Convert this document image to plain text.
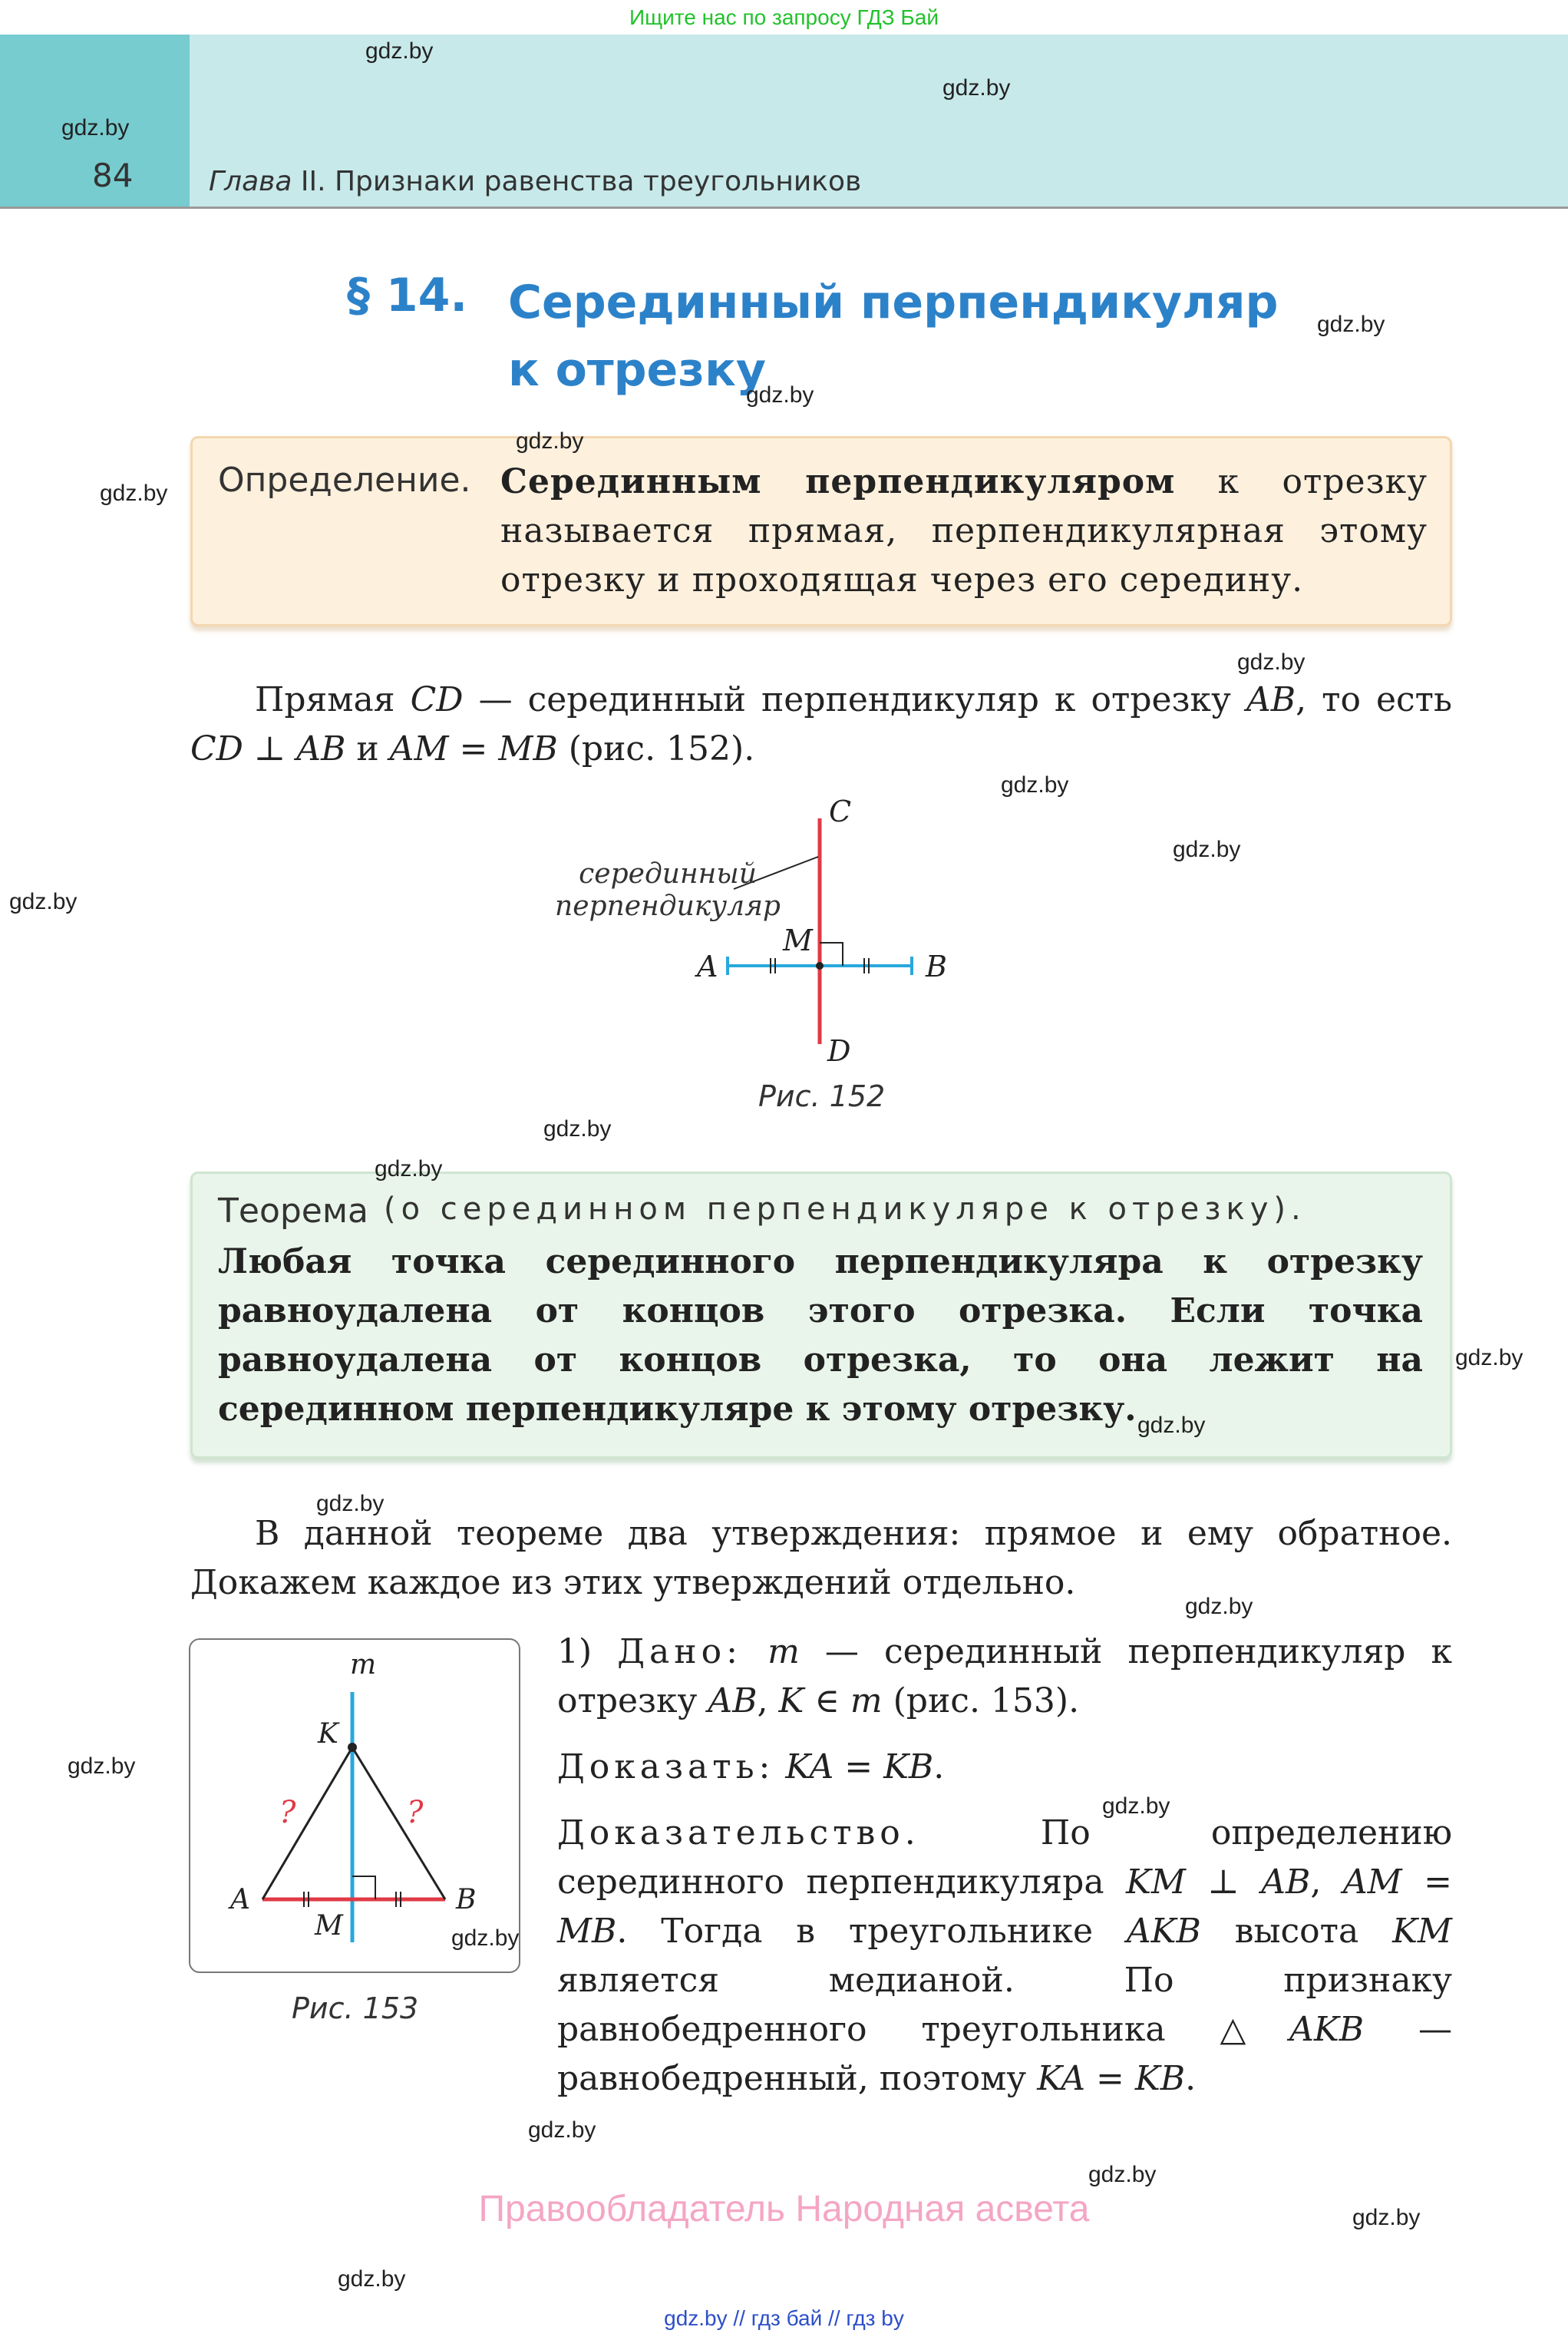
Ищите нас по запросу ГДЗ Бай
84	Глава II. Признаки равенства треугольников
§ 14. Серединный перпендикуляр
к отрезку
Определение. Серединным перпендикуляром к отрезку называется прямая, перпендикулярная этому отрезку и проходящая через его середину.
Прямая CD — серединный перпендикуляр к отрезку AB, то есть CD ⊥ AB и AM = MB (рис. 152).
серединный
перпендикуляр
A	B
C
D
M
Рис. 152
Теорема (о серединном перпендикуляре к отрезку).
Любая точка серединного перпендикуляра к отрезку равноудалена от концов этого отрезка. Если точка равноудалена от концов отрезка, то она лежит на серединном перпендикуляре к этому отрезку.
В данной теореме два утверждения: прямое и ему обратное. Докажем каждое из этих утверждений отдельно.
m
K
A	B
M
?	?
Рис. 153
1) Дано: m — серединный перпендикуляр к отрезку AB, K ∈ m (рис. 153).
Доказать: KA = KB.
Доказательство. По определению серединного перпендикуляра KM ⊥ AB, AM = MB. Тогда в треугольнике AKB высота KM является медианой. По признаку равнобедренного треугольника △AKB — равнобедренный, поэтому KA = KB.
Правообладатель Народная асвета
gdz.by // гдз бай // гдз by
gdz.by
gdz.by
gdz.by
gdz.by
gdz.by
gdz.by
gdz.by
gdz.by
gdz.by
gdz.by
gdz.by
gdz.by
gdz.by
gdz.by
gdz.by
gdz.by
gdz.by
gdz.by
gdz.by
gdz.by
gdz.by
gdz.by
gdz.by
gdz.by
